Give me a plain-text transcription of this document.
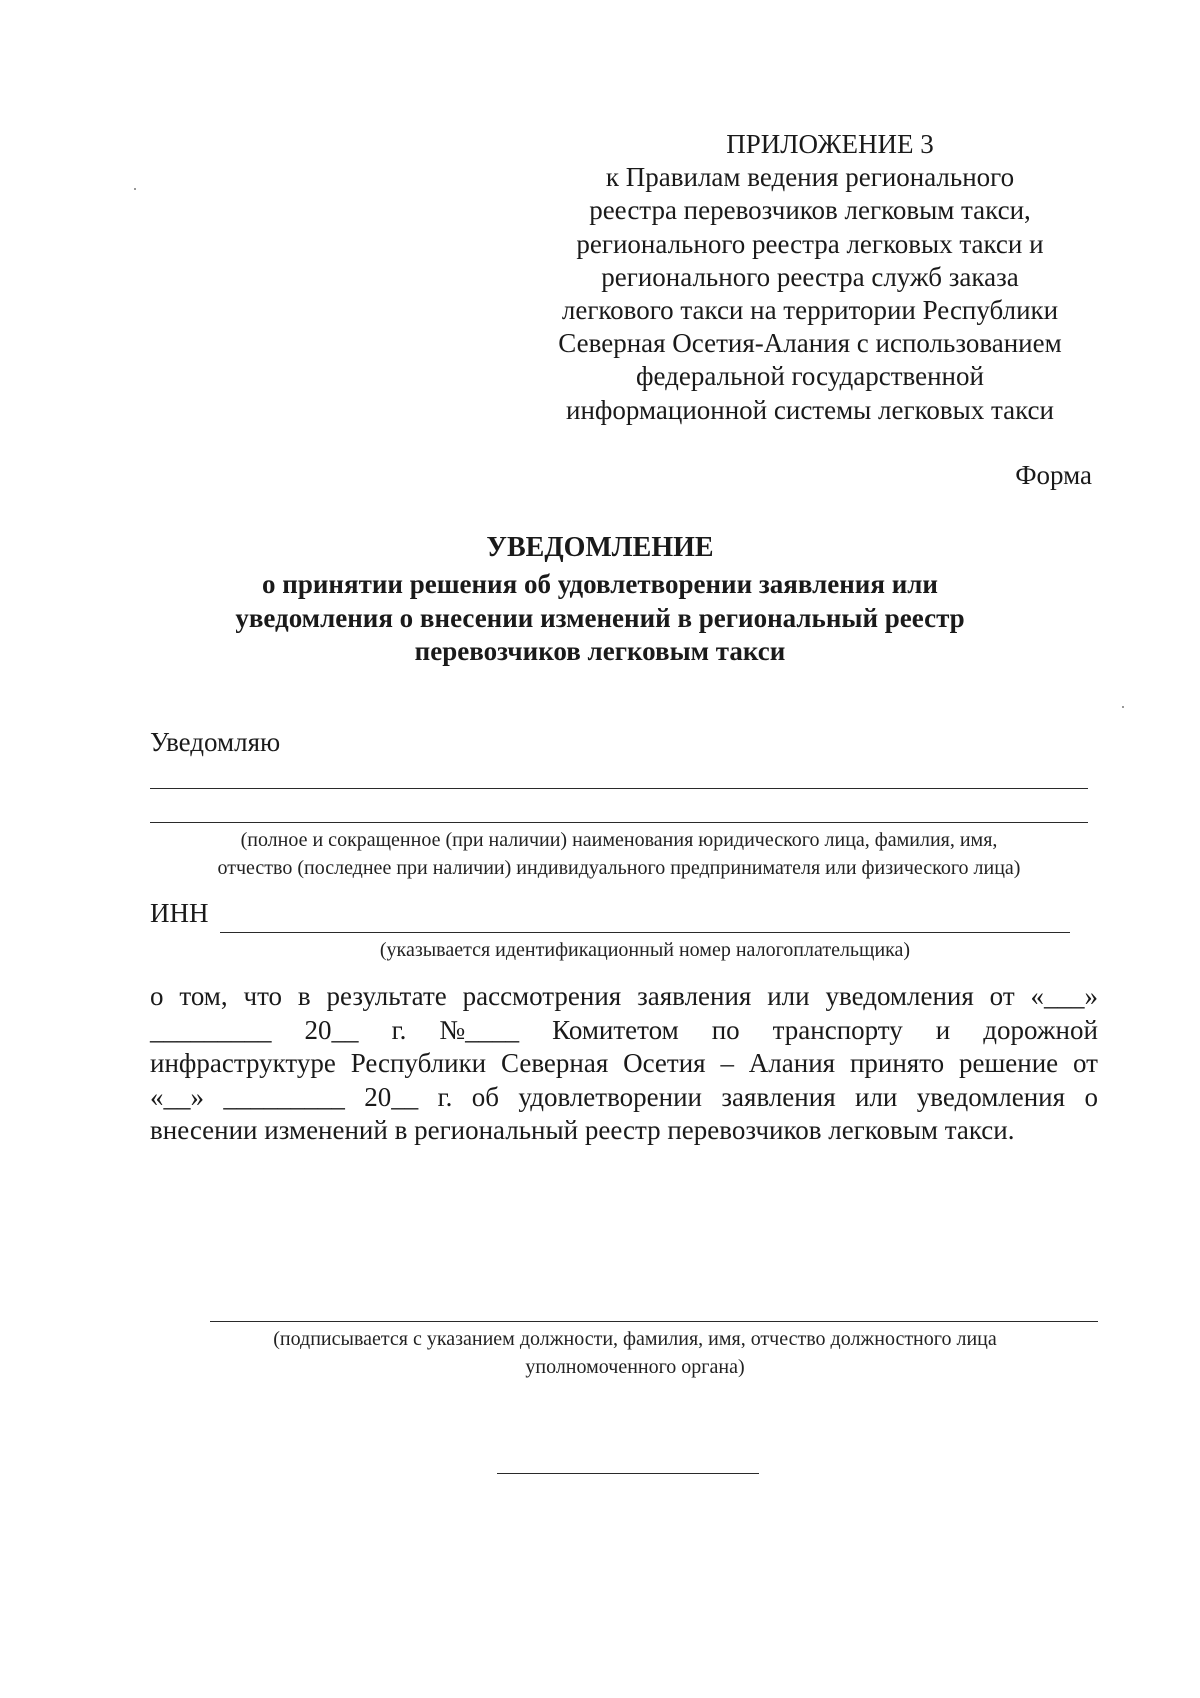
ПРИЛОЖЕНИЕ 3
к Правилам ведения регионального
реестра перевозчиков легковым такси,
регионального реестра легковых такси и
регионального реестра служб заказа
легкового такси на территории Республики
Северная Осетия-Алания с использованием
федеральной государственной
информационной системы легковых такси
Форма
УВЕДОМЛЕНИЕ
о принятии решения об удовлетворении заявления или
уведомления о внесении изменений в региональный реестр
перевозчиков легковым такси
Уведомляю
(полное и сокращенное (при наличии) наименования юридического лица, фамилия, имя,
отчество (последнее при наличии) индивидуального предпринимателя или физического лица)
ИНН
(указывается идентификационный номер налогоплательщика)
о том, что в результате рассмотрения заявления или уведомления от «___»
_________ 20__ г. №____ Комитетом по транспорту и дорожной
инфраструктуре Республики Северная Осетия – Алания принято решение от
«__» _________ 20__ г. об удовлетворении заявления или уведомления о
внесении изменений в региональный реестр перевозчиков легковым такси.
(подписывается с указанием должности, фамилия, имя, отчество должностного лица
уполномоченного органа)
